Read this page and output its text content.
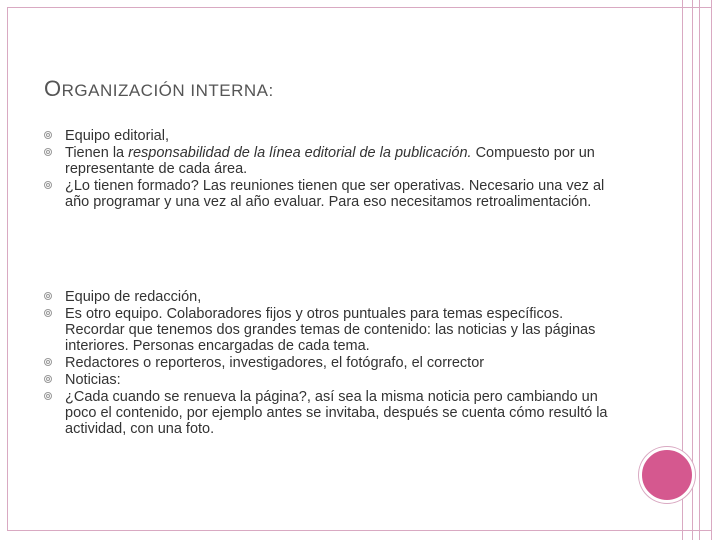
ORGANIZACIÓN INTERNA:
Equipo editorial,
Tienen la responsabilidad de la línea editorial de la publicación. Compuesto por un representante de cada área.
¿Lo tienen formado? Las reuniones tienen que ser operativas. Necesario una vez al año programar y una vez al año evaluar. Para eso necesitamos retroalimentación.
Equipo de redacción,
Es otro equipo. Colaboradores fijos y otros puntuales para temas específicos. Recordar que tenemos dos grandes temas de contenido: las noticias y las páginas interiores. Personas encargadas de cada tema.
Redactores o reporteros, investigadores, el fotógrafo, el corrector
Noticias:
¿Cada cuando se renueva la página?, así sea la misma noticia pero cambiando un poco el contenido, por ejemplo antes se invitaba, después se cuenta cómo resultó la actividad, con una foto.
